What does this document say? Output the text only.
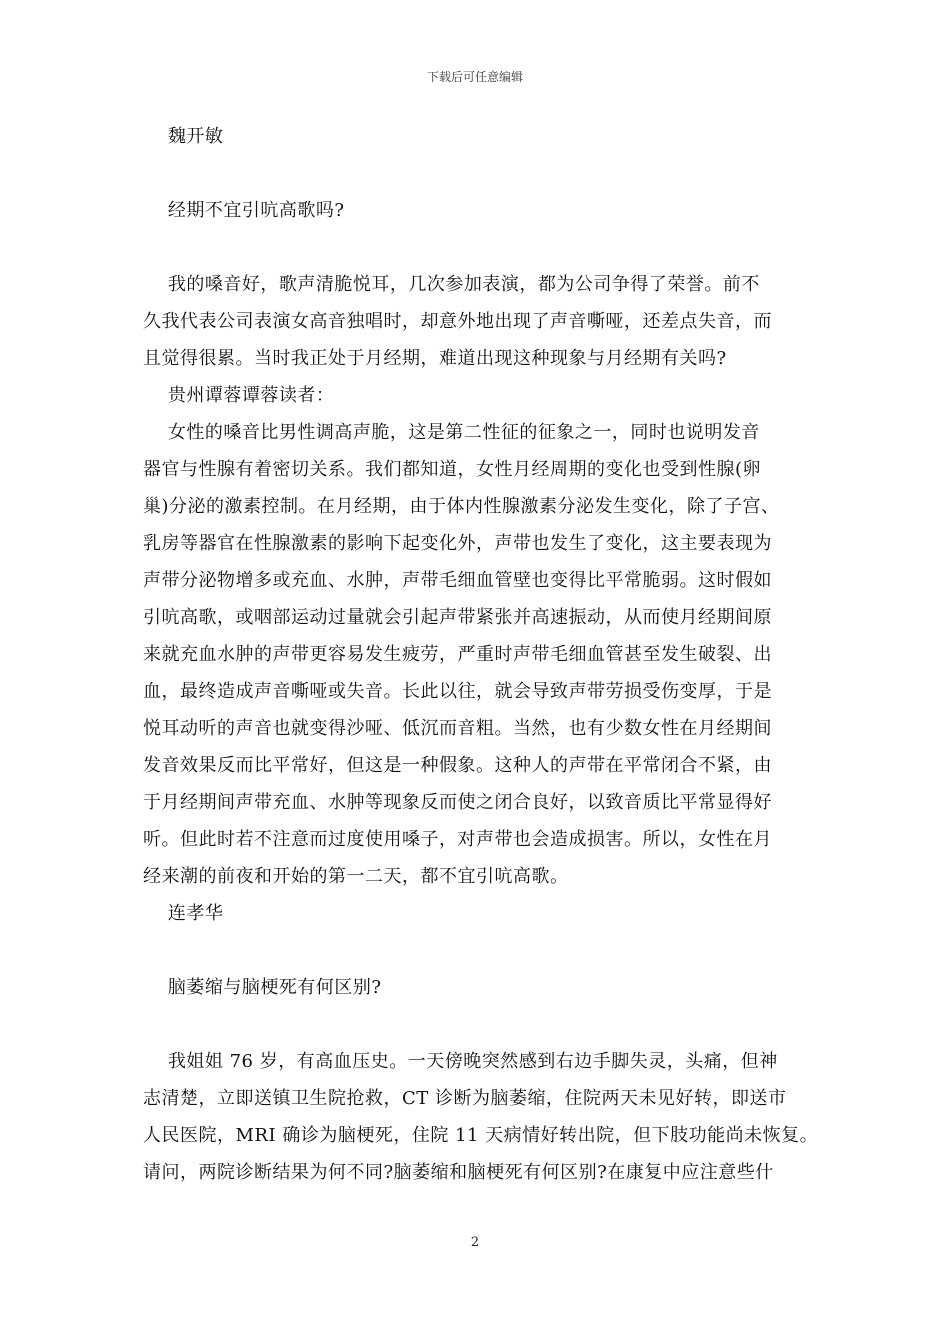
下载后可任意编辑
魏开敏
经期不宜引吭高歌吗?
我的嗓音好，歌声清脆悦耳，几次参加表演，都为公司争得了荣誉。前不
久我代表公司表演女高音独唱时，却意外地出现了声音嘶哑，还差点失音，而
且觉得很累。当时我正处于月经期，难道出现这种现象与月经期有关吗?
贵州谭蓉谭蓉读者：
女性的嗓音比男性调高声脆，这是第二性征的征象之一，同时也说明发音
器官与性腺有着密切关系。我们都知道，女性月经周期的变化也受到性腺(卵
巢)分泌的激素控制。在月经期，由于体内性腺激素分泌发生变化，除了子宫、
乳房等器官在性腺激素的影响下起变化外，声带也发生了变化，这主要表现为
声带分泌物增多或充血、水肿，声带毛细血管壁也变得比平常脆弱。这时假如
引吭高歌，或咽部运动过量就会引起声带紧张并高速振动，从而使月经期间原
来就充血水肿的声带更容易发生疲劳，严重时声带毛细血管甚至发生破裂、出
血，最终造成声音嘶哑或失音。长此以往，就会导致声带劳损受伤变厚，于是
悦耳动听的声音也就变得沙哑、低沉而音粗。当然，也有少数女性在月经期间
发音效果反而比平常好，但这是一种假象。这种人的声带在平常闭合不紧，由
于月经期间声带充血、水肿等现象反而使之闭合良好，以致音质比平常显得好
听。但此时若不注意而过度使用嗓子，对声带也会造成损害。所以，女性在月
经来潮的前夜和开始的第一二天，都不宜引吭高歌。
连孝华
脑萎缩与脑梗死有何区别?
我姐姐 76 岁，有高血压史。一天傍晚突然感到右边手脚失灵，头痛，但神
志清楚，立即送镇卫生院抢救，CT 诊断为脑萎缩，住院两天未见好转，即送市
人民医院，MRI 确诊为脑梗死，住院 11 天病情好转出院，但下肢功能尚未恢复。
请问，两院诊断结果为何不同?脑萎缩和脑梗死有何区别?在康复中应注意些什
2
